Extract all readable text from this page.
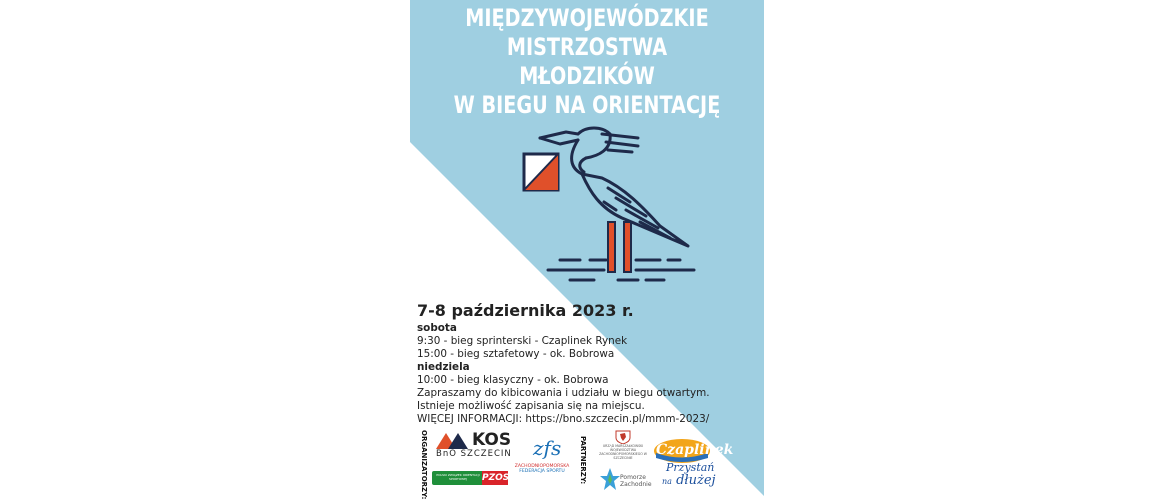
MIĘDZYWOJEWÓDZKIE
MISTRZOSTWA
MŁODZIKÓW
W BIEGU NA ORIENTACJĘ
7-8 października 2023 r.
sobota
9:30 - bieg sprinterski - Czaplinek Rynek
15:00 - bieg sztafetowy - ok. Bobrowa
niedziela
10:00 - bieg klasyczny - ok. Bobrowa
Zapraszamy do kibicowania i udziału w biegu otwartym.
Istnieje możliwość zapisania się na miejscu.
WIĘCEJ INFORMACJI: https://bno.szczecin.pl/mmm-2023/
ORGANIZATORZY:	PARTNERZY:
KOS
BnO SZCZECIN
POLSKI ZWIĄZEK ORIENTACJI SPORTOWEJ	PZOS
zfs
ZACHODNIOPOMORSKA
FEDERACJA SPORTU
URZĄD MARSZAŁKOWSKI WOJEWÓDZTWA ZACHODNIOPOMORSKIEGO W SZCZECINIE
Pomorze
Zachodnie
Czaplinek
Przystań
na dłużej
